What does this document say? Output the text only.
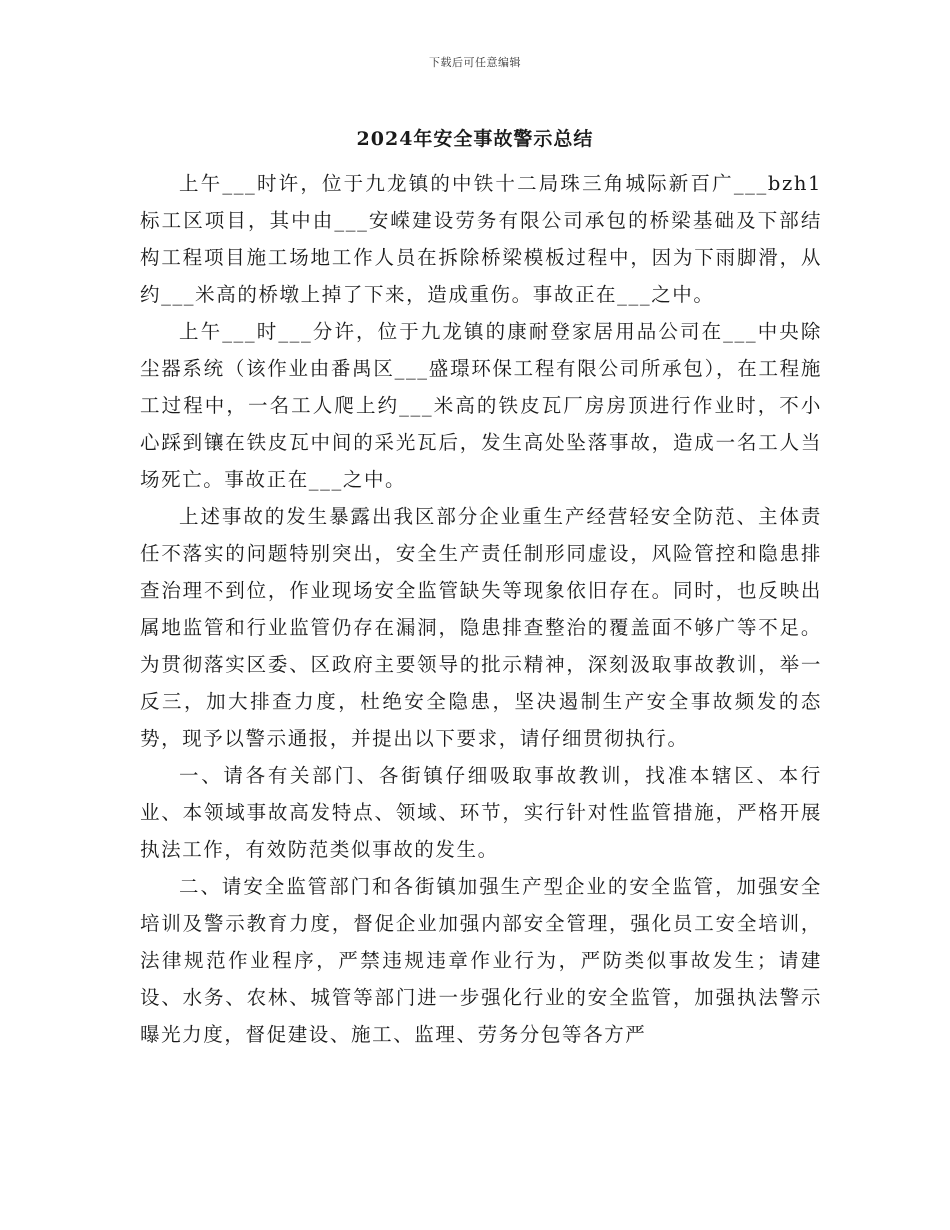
下载后可任意编辑
2024年安全事故警示总结

上午___时许，位于九龙镇的中铁十二局珠三角城际新百广___bzh1标工区项目，其中由___安嵘建设劳务有限公司承包的桥梁基础及下部结构工程项目施工场地工作人员在拆除桥梁模板过程中，因为下雨脚滑，从约___米高的桥墩上掉了下来，造成重伤。事故正在___之中。

上午___时___分许，位于九龙镇的康耐登家居用品公司在___中央除尘器系统（该作业由番禺区___盛璟环保工程有限公司所承包），在工程施工过程中，一名工人爬上约___米高的铁皮瓦厂房房顶进行作业时，不小心踩到镶在铁皮瓦中间的采光瓦后，发生高处坠落事故，造成一名工人当场死亡。事故正在___之中。

上述事故的发生暴露出我区部分企业重生产经营轻安全防范、主体责任不落实的问题特别突出，安全生产责任制形同虚设，风险管控和隐患排查治理不到位，作业现场安全监管缺失等现象依旧存在。同时，也反映出属地监管和行业监管仍存在漏洞，隐患排查整治的覆盖面不够广等不足。为贯彻落实区委、区政府主要领导的批示精神，深刻汲取事故教训，举一反三，加大排查力度，杜绝安全隐患，坚决遏制生产安全事故频发的态势，现予以警示通报，并提出以下要求，请仔细贯彻执行。

一、请各有关部门、各街镇仔细吸取事故教训，找准本辖区、本行业、本领域事故高发特点、领域、环节，实行针对性监管措施，严格开展执法工作，有效防范类似事故的发生。

二、请安全监管部门和各街镇加强生产型企业的安全监管，加强安全培训及警示教育力度，督促企业加强内部安全管理，强化员工安全培训，法律规范作业程序，严禁违规违章作业行为，严防类似事故发生；请建设、水务、农林、城管等部门进一步强化行业的安全监管，加强执法警示曝光力度，督促建设、施工、监理、劳务分包等各方严
